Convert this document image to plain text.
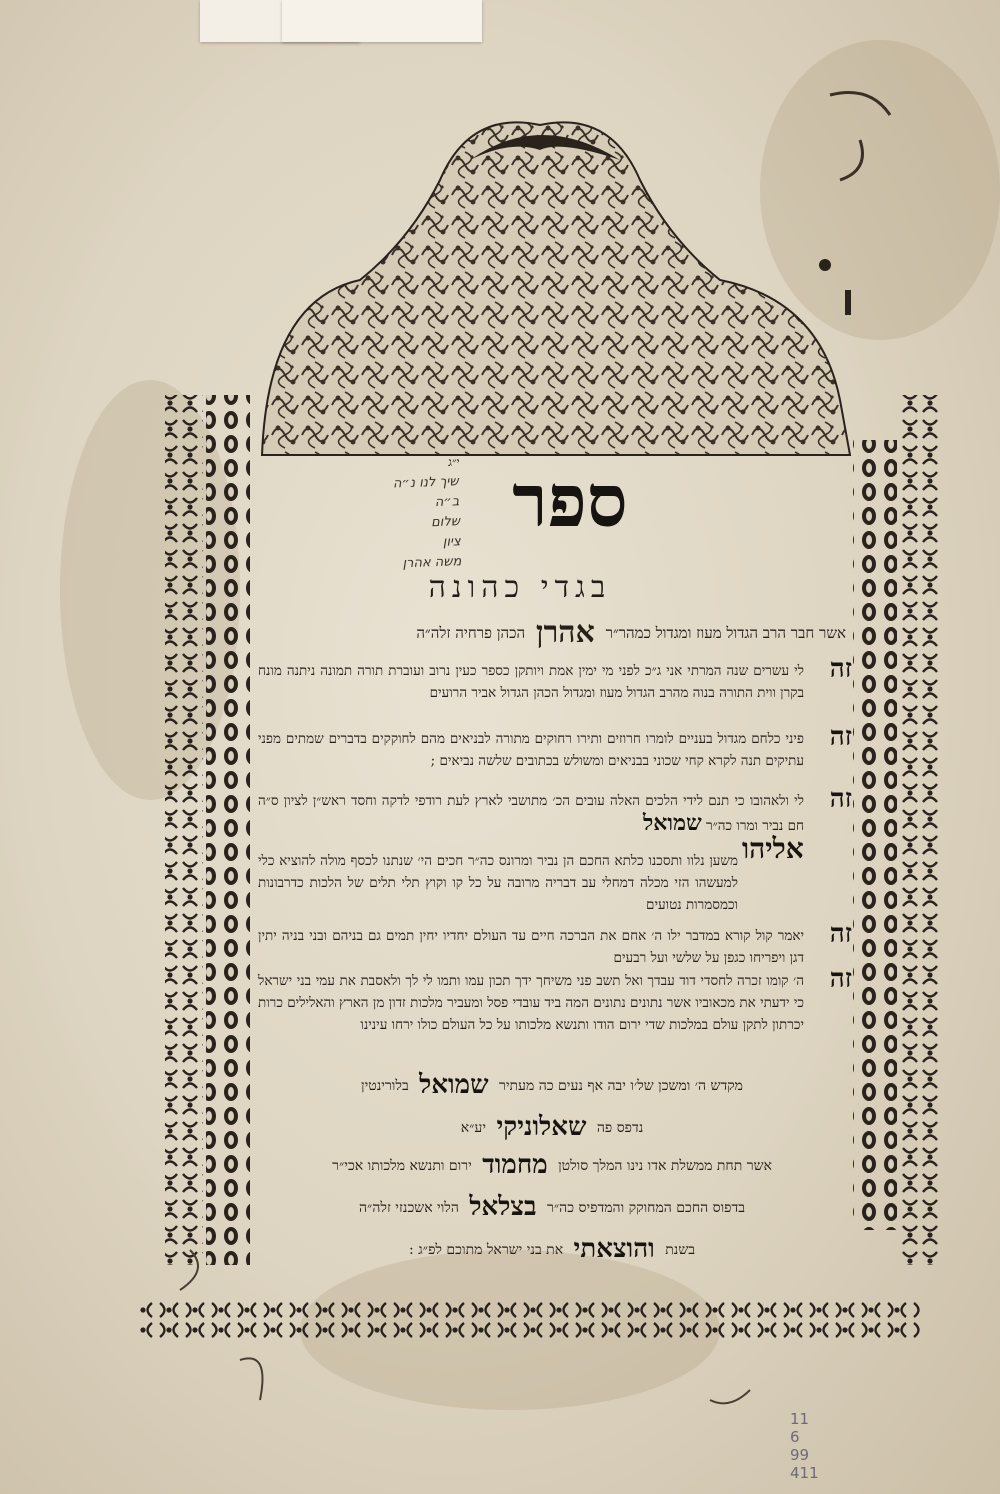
י״ג ספר
שיך לנו נ״ה
ב״ה
שלום
ציון
משה אהרן
בגדי כהונה
אשר חבר הרב הגדול מעוז ומגדול כמהר״ר אהרן הכהן פרחיה זלה״ה
זה
לי עשרים שנה המרתי אני ג״כ לפני מי ימין אמת ויותקן כספר כעין נרוב ועוברת תורה תמונה ניתנה מונח בקרן ווית התורה בנוה מהרב הגדול מעוז ומגדול הכהן הגדול אביר הרועים
זה
פיני כלחם מגדול בעניים לומרו חרוזים ותירו רחוקים מתורה לבניאים מהם לחוקקים בדברים שמתים מפני עתיקים תנה לקרא קחי שכוני בבניאים ומשולש בכתובים שלשה נביאים ;
זה
לי ולאהובו כי תנם לידי הלכים האלה עובים הכ׳ מתושבי לארץ לעת רודפי לדקה וחסד ראש״ן לציון ס״ה חם נביר ומרו כה״ר שמואל
אליהו
משען נלוו ותסכנו כלתא החכם הן נביר ומרונס כה״ר חכים הי׳ שנתנו לכסף מולה להוציא כלי למעשהו הזי מכלה דמחלי עב דבריה מרובה על כל קו וקוץ תלי תלים של הלכות כדרבונות וכמסמרות נטועים
זה
יאמר קול קורא במדבר ילו ה׳ אחם את הברכה חיים עד העולם יחדיו יחין תמים גם בניהם ובני בניה יתין דגן ויפריחו כגפן על שלשי ועל רבעים
זה
ה׳ קומו זכרה לחסדי דוד עבדך ואל תשב פני משיחך ידך תכון עמו ותמו לי לך ולאסבת את עמי בני ישראל כי ידעתי את מכאוביו אשר נתונים נתונים המה ביד עובדי פסל ומעביר מלכות זדון מן הארץ והאלילים כרות יכרתון לתקן עולם במלכות שדי ירום הודו ותנשא מלכותו על כל העולם כולו ירחו עינינו
מקדש ה׳ ומשכן של׳ו יבה אף נעים כה מעתיר שמואל בלורינטין
נדפס פה שאלוניקי יע״א
אשר תחת ממשלת אדו נינו המלך סולטן מחמוד ירום ותנשא מלכותו אכי״ר
בדפוס החכם המחוקק והמדפיס כה״ר בצלאל הלוי אשכנזי זלה״ה
בשנת והוצאתי את בני ישראל מתוכם לפ״ג :
11
6
99
411
